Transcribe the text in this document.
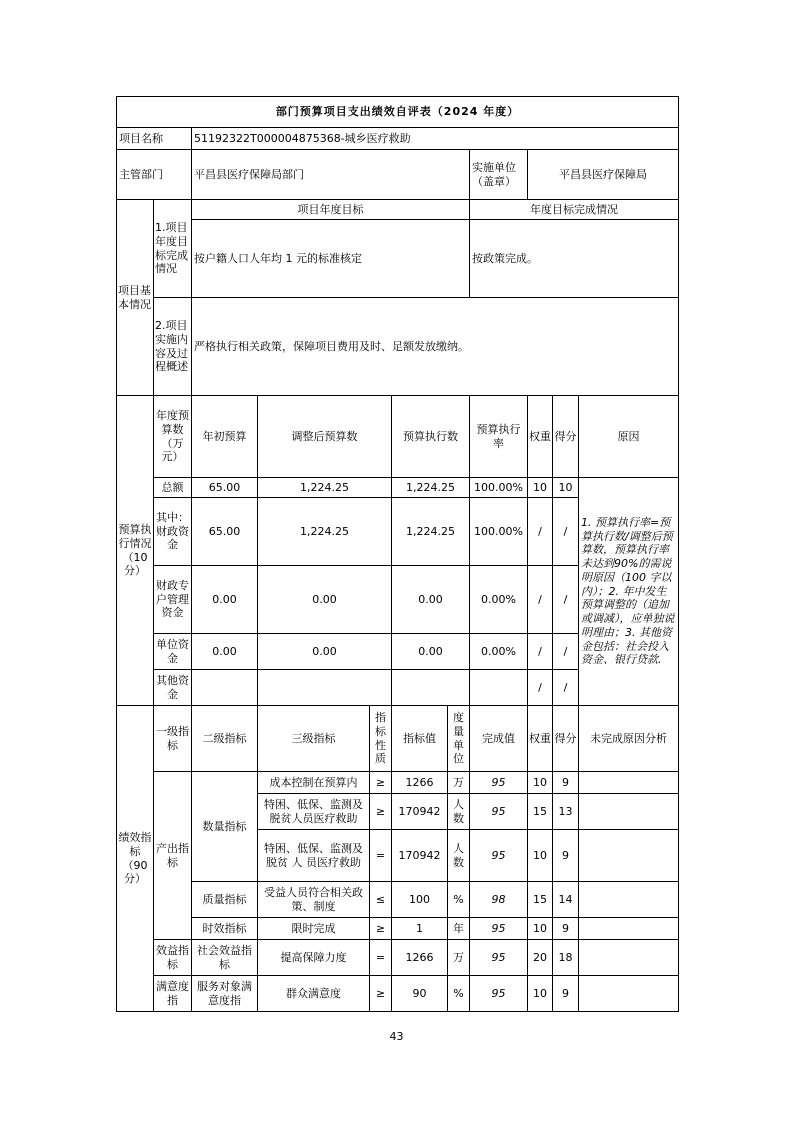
部门预算项目支出绩效自评表（2024 年度）										
项目名称		51192322T000004875368-城乡医疗救助								
主管部门		平昌县医疗保障局部门					实施单位（盖章）	平昌县医疗保障局		
项目基本情况	1.项目年度目标完成情况	项目年度目标					年度目标完成情况			
		按户籍人口人年均 1 元的标准核定					按政策完成。			
	2.项目实施内容及过程概述	严格执行相关政策，保障项目费用及时、足额发放缴纳。								
预算执行情况（10 分）	年度预算数（万元）	年初预算	调整后预算数		预算执行数		预算执行率	权重	得分	原因
	总额	65.00	1,224.25		1,224.25		100.00%	10	10	1. 预算执行率=预算执行数/调整后预算数，预算执行率未达到90%的需说明原因（100 字以内）；2. 年中发生预算调整的（追加或调减），应单独说明理由；3. 其他资金包括：社会投入资金、银行贷款.
	其中：财政资金	65.00	1,224.25		1,224.25		100.00%	/	/	
	财政专户管理资金	0.00	0.00		0.00		0.00%	/	/	
	单位资金	0.00	0.00		0.00		0.00%	/	/	
	其他资金							/	/	
绩效指标（90 分）	一级指标	二级指标	三级指标	指标性质	指标值	度量单位	完成值	权重	得分	未完成原因分析
	产出指标	数量指标	成本控制在预算内	≥	1266	万	95	10	9	
			特困、低保、监测及脱贫人员医疗救助	≥	170942	人数	95	15	13	
			特困、低保、监测及脱贫 人 员医疗救助	=	170942	人数	95	10	9	
		质量指标	受益人员符合相关政策、制度	≤	100	%	98	15	14	
		时效指标	限时完成	≥	1	年	95	10	9	
	效益指标	社会效益指标	提高保障力度	=	1266	万	95	20	18	
	满意度指	服务对象满意度指	群众满意度	≥	90	%	95	10	9	
43
